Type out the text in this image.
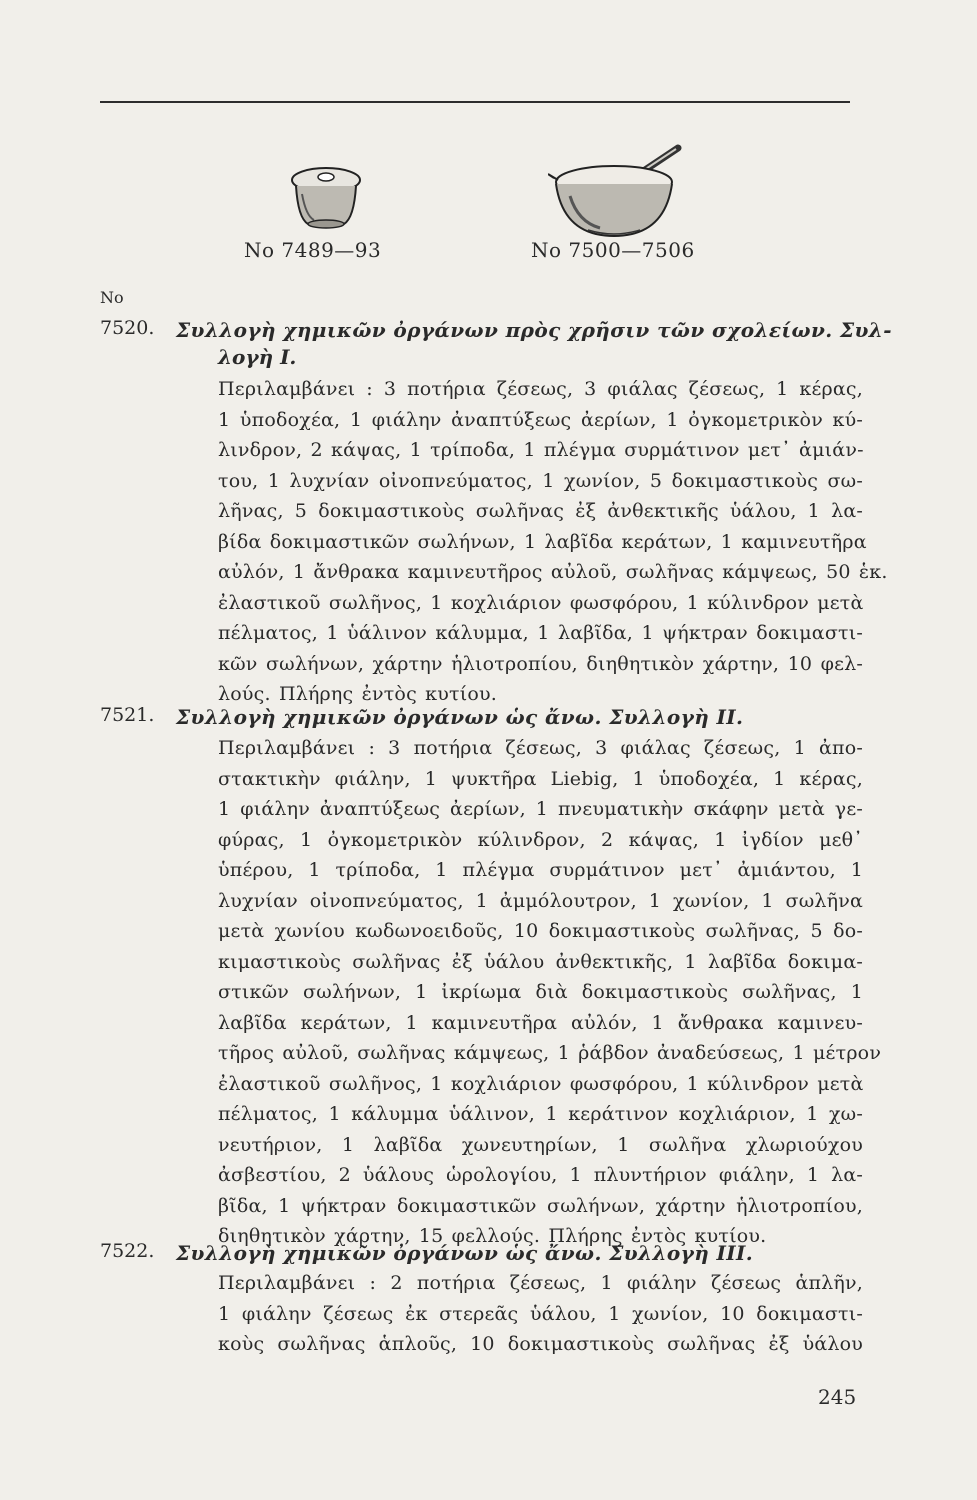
No 7489—93	No 7500—7506
No
7520. Συλλογὴ χημικῶν ὀργάνων πρὸς χρῆσιν τῶν σχολείων. Συλ-
λογὴ Ι.
Περιλαμβάνει : 3 ποτήρια ζέσεως, 3 φιάλας ζέσεως, 1 κέρας,
1 ὑποδοχέα, 1 φιάλην ἀναπτύξεως ἀερίων, 1 ὀγκομετρικὸν κύ-
λινδρον, 2 κάψας, 1 τρίποδα, 1 πλέγμα συρμάτινον μετ᾽ ἀμιάν-
του, 1 λυχνίαν οἰνοπνεύματος, 1 χωνίον, 5 δοκιμαστικοὺς σω-
λῆνας, 5 δοκιμαστικοὺς σωλῆνας ἐξ ἀνθεκτικῆς ὑάλου, 1 λα-
βίδα δοκιμαστικῶν σωλήνων, 1 λαβῖδα κεράτων, 1 καμινευτῆρα
αὐλόν, 1 ἄνθρακα καμινευτῆρος αὐλοῦ, σωλῆνας κάμψεως, 50 ἑκ.
ἐλαστικοῦ σωλῆνος, 1 κοχλιάριον φωσφόρου, 1 κύλινδρον μετὰ
πέλματος, 1 ὑάλινον κάλυμμα, 1 λαβῖδα, 1 ψήκτραν δοκιμαστι-
κῶν σωλήνων, χάρτην ἡλιοτροπίου, διηθητικὸν χάρτην, 10 φελ-
λούς. Πλήρης ἐντὸς κυτίου.
7521. Συλλογὴ χημικῶν ὀργάνων ὡς ἄνω. Συλλογὴ ΙΙ.
Περιλαμβάνει : 3 ποτήρια ζέσεως, 3 φιάλας ζέσεως, 1 ἀπο-
στακτικὴν φιάλην, 1 ψυκτῆρα Liebig, 1 ὑποδοχέα, 1 κέρας,
1 φιάλην ἀναπτύξεως ἀερίων, 1 πνευματικὴν σκάφην μετὰ γε-
φύρας, 1 ὀγκομετρικὸν κύλινδρον, 2 κάψας, 1 ἰγδίον μεθ᾽
ὑπέρου, 1 τρίποδα, 1 πλέγμα συρμάτινον μετ᾽ ἀμιάντου, 1
λυχνίαν οἰνοπνεύματος, 1 ἀμμόλουτρον, 1 χωνίον, 1 σωλῆνα
μετὰ χωνίου κωδωνοειδοῦς, 10 δοκιμαστικοὺς σωλῆνας, 5 δο-
κιμαστικοὺς σωλῆνας ἐξ ὑάλου ἀνθεκτικῆς, 1 λαβῖδα δοκιμα-
στικῶν σωλήνων, 1 ἰκρίωμα διὰ δοκιμαστικοὺς σωλῆνας, 1
λαβῖδα κεράτων, 1 καμινευτῆρα αὐλόν, 1 ἄνθρακα καμινευ-
τῆρος αὐλοῦ, σωλῆνας κάμψεως, 1 ῥάβδον ἀναδεύσεως, 1 μέτρον
ἐλαστικοῦ σωλῆνος, 1 κοχλιάριον φωσφόρου, 1 κύλινδρον μετὰ
πέλματος, 1 κάλυμμα ὑάλινον, 1 κεράτινον κοχλιάριον, 1 χω-
νευτήριον, 1 λαβῖδα χωνευτηρίων, 1 σωλῆνα χλωριούχου
ἀσβεστίου, 2 ὑάλους ὡρολογίου, 1 πλυντήριον φιάλην, 1 λα-
βῖδα, 1 ψήκτραν δοκιμαστικῶν σωλήνων, χάρτην ἡλιοτροπίου,
διηθητικὸν χάρτην, 15 φελλούς. Πλήρης ἐντὸς κυτίου.
7522. Συλλογὴ χημικῶν ὀργάνων ὡς ἄνω. Συλλογὴ ΙΙΙ.
Περιλαμβάνει : 2 ποτήρια ζέσεως, 1 φιάλην ζέσεως ἁπλῆν,
1 φιάλην ζέσεως ἐκ στερεᾶς ὑάλου, 1 χωνίον, 10 δοκιμαστι-
κοὺς σωλῆνας ἁπλοῦς, 10 δοκιμαστικοὺς σωλῆνας ἐξ ὑάλου
245
